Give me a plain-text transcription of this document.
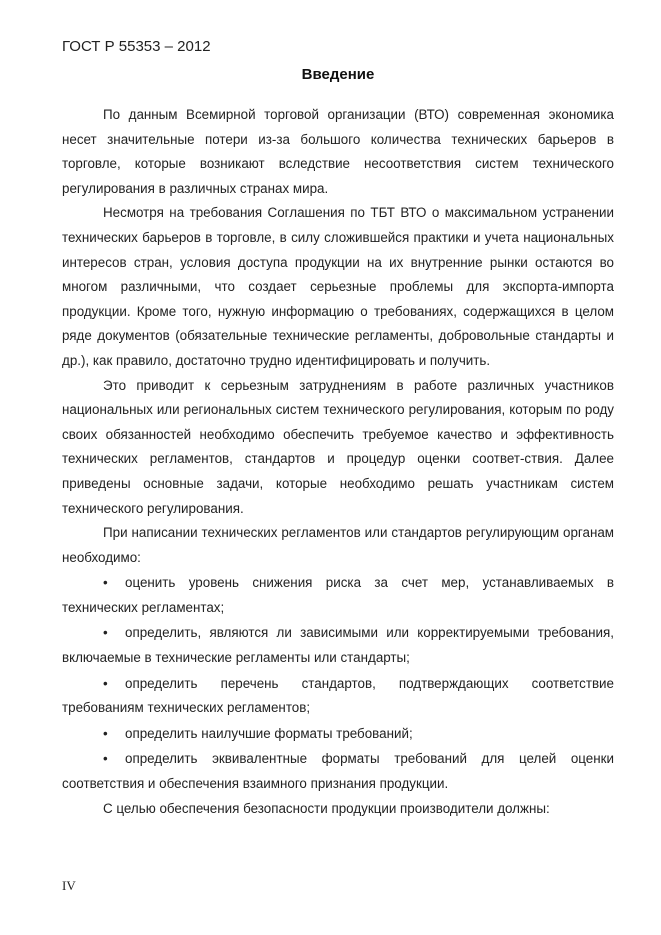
ГОСТ Р 55353 – 2012
Введение

По данным Всемирной торговой организации (ВТО) современная экономика несет значительные потери из-за большого количества технических барьеров в торговле, которые возникают вследствие несоответствия систем технического регулирования в различных странах мира.

Несмотря на требования Соглашения по ТБТ ВТО о максимальном устранении технических барьеров в торговле, в силу сложившейся практики и учета национальных интересов стран, условия доступа продукции на их внутренние рынки остаются во многом различными, что создает серьезные проблемы для экспорта-импорта продукции. Кроме того, нужную информацию о требованиях, содержащихся в целом ряде документов (обязательные технические регламенты, добровольные стандарты и др.), как правило, достаточно трудно идентифицировать и получить.

Это приводит к серьезным затруднениям в работе различных участников национальных или региональных систем технического регулирования, которым по роду своих обязанностей необходимо обеспечить требуемое качество и эффективность технических регламентов, стандартов и процедур оценки соответ-ствия. Далее приведены основные задачи, которые необходимо решать участникам систем технического регулирования.

При написании технических регламентов или стандартов регулирующим органам необходимо:

• оценить уровень снижения риска за счет мер, устанавливаемых в технических регламентах;

• определить, являются ли зависимыми или корректируемыми требования, включаемые в технические регламенты или стандарты;

• определить перечень стандартов, подтверждающих соответствие требованиям технических регламентов;

• определить наилучшие форматы требований;

• определить эквивалентные форматы требований для целей оценки соответствия и обеспечения взаимного признания продукции.

С целью обеспечения безопасности продукции производители должны:

IV
